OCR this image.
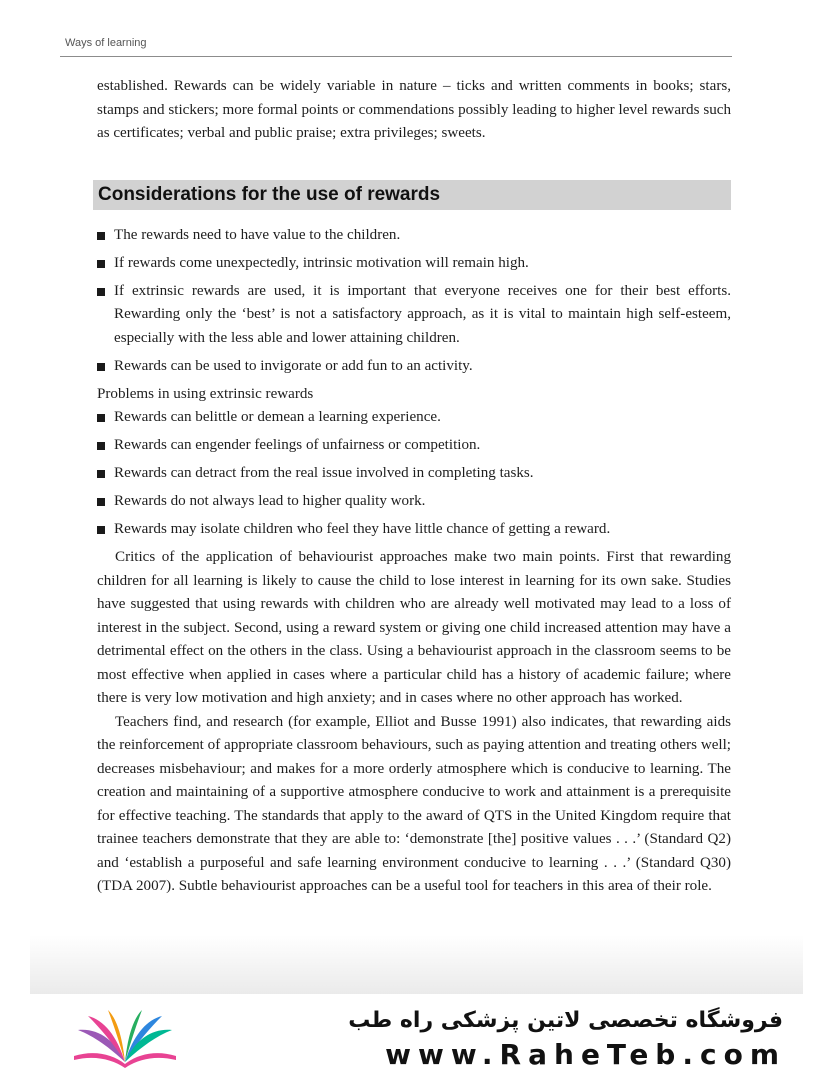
Ways of learning

established. Rewards can be widely variable in nature – ticks and written comments in books; stars, stamps and stickers; more formal points or commendations possibly leading to higher level rewards such as certificates; verbal and public praise; extra privileges; sweets.

Considerations for the use of rewards
The rewards need to have value to the children.
If rewards come unexpectedly, intrinsic motivation will remain high.
If extrinsic rewards are used, it is important that everyone receives one for their best efforts. Rewarding only the ‘best’ is not a satisfactory approach, as it is vital to maintain high self-esteem, especially with the less able and lower attaining children.
Rewards can be used to invigorate or add fun to an activity.

Problems in using extrinsic rewards

Rewards can belittle or demean a learning experience.
Rewards can engender feelings of unfairness or competition.
Rewards can detract from the real issue involved in completing tasks.
Rewards do not always lead to higher quality work.
Rewards may isolate children who feel they have little chance of getting a reward.

Critics of the application of behaviourist approaches make two main points. First that rewarding children for all learning is likely to cause the child to lose interest in learning for its own sake. Studies have suggested that using rewards with children who are already well motivated may lead to a loss of interest in the subject. Second, using a reward system or giving one child increased attention may have a detrimental effect on the others in the class. Using a behaviourist approach in the classroom seems to be most effective when applied in cases where a particular child has a history of academic failure; where there is very low motivation and high anxiety; and in cases where no other approach has worked.

Teachers find, and research (for example, Elliot and Busse 1991) also indicates, that rewarding aids the reinforcement of appropriate classroom behaviours, such as paying attention and treating others well; decreases misbehaviour; and makes for a more orderly atmosphere which is conducive to learning. The creation and maintaining of a supportive atmosphere conducive to work and attainment is a prerequisite for effective teaching. The standards that apply to the award of QTS in the United Kingdom require that trainee teachers demonstrate that they are able to: ‘demonstrate [the] positive values . . .’ (Standard Q2) and ‘establish a purposeful and safe learning environment conducive to learning . . .’ (Standard Q30) (TDA 2007). Subtle behaviourist approaches can be a useful tool for teachers in this area of their role.

فروشگاه تخصصی لاتین پزشکی راه طب
www.RaheTeb.com
